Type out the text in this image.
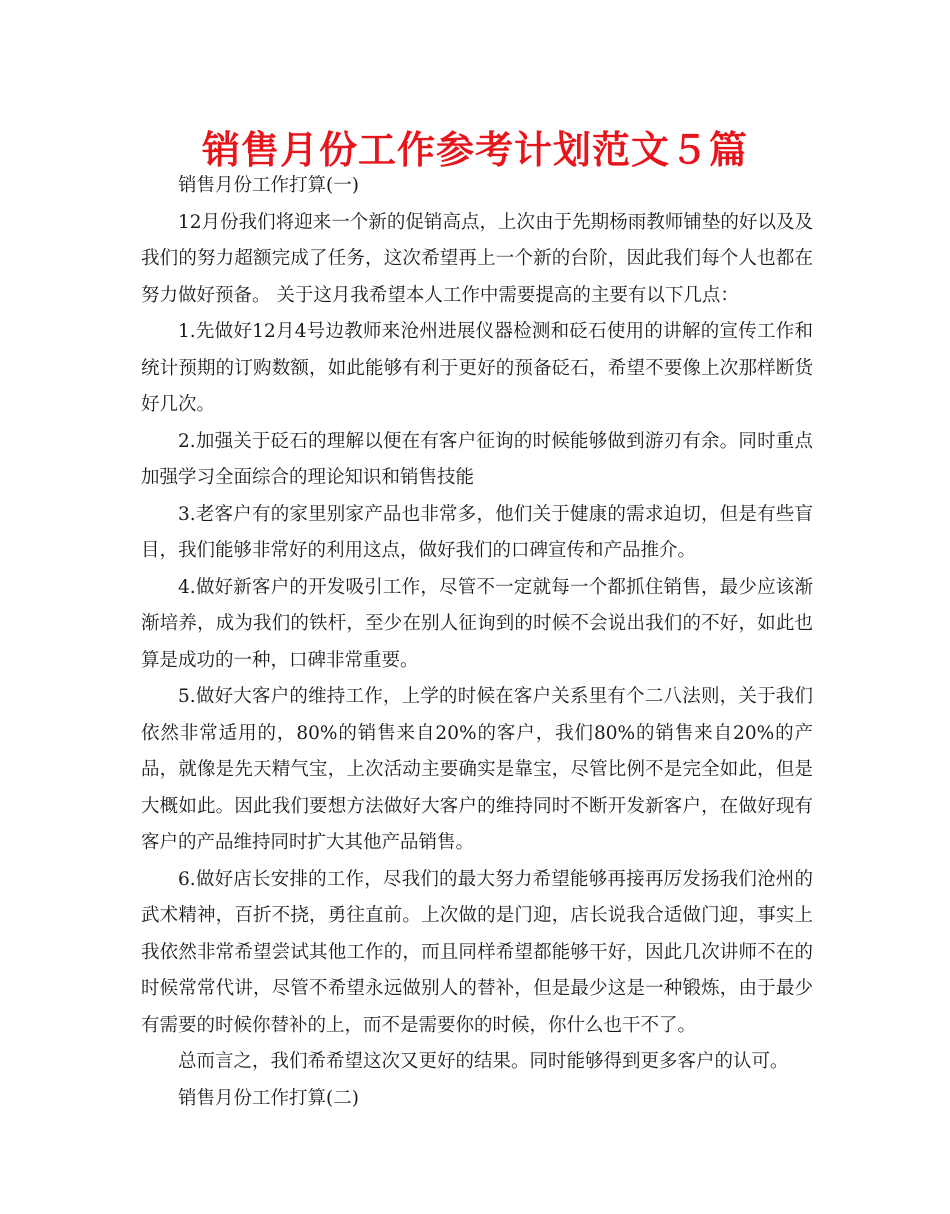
销售月份工作参考计划范文５篇

销售月份工作打算(一)

12月份我们将迎来一个新的促销高点，上次由于先期杨雨教师铺垫的好以及及我们的努力超额完成了任务，这次希望再上一个新的台阶，因此我们每个人也都在努力做好预备。 关于这月我希望本人工作中需要提高的主要有以下几点：

1.先做好12月4号边教师来沧州进展仪器检测和砭石使用的讲解的宣传工作和统计预期的订购数额，如此能够有利于更好的预备砭石，希望不要像上次那样断货好几次。

2.加强关于砭石的理解以便在有客户征询的时候能够做到游刃有余。同时重点加强学习全面综合的理论知识和销售技能

3.老客户有的家里别家产品也非常多，他们关于健康的需求迫切，但是有些盲目，我们能够非常好的利用这点，做好我们的口碑宣传和产品推介。

4.做好新客户的开发吸引工作，尽管不一定就每一个都抓住销售，最少应该渐渐培养，成为我们的铁杆，至少在别人征询到的时候不会说出我们的不好，如此也算是成功的一种，口碑非常重要。

5.做好大客户的维持工作，上学的时候在客户关系里有个二八法则，关于我们依然非常适用的，80%的销售来自20%的客户，我们80%的销售来自20%的产品，就像是先天精气宝，上次活动主要确实是靠宝，尽管比例不是完全如此，但是大概如此。因此我们要想方法做好大客户的维持同时不断开发新客户，在做好现有客户的产品维持同时扩大其他产品销售。

6.做好店长安排的工作，尽我们的最大努力希望能够再接再厉发扬我们沧州的武术精神，百折不挠，勇往直前。上次做的是门迎，店长说我合适做门迎，事实上我依然非常希望尝试其他工作的，而且同样希望都能够干好，因此几次讲师不在的时候常常代讲，尽管不希望永远做别人的替补，但是最少这是一种锻炼，由于最少有需要的时候你替补的上，而不是需要你的时候，你什么也干不了。

总而言之，我们希希望这次又更好的结果。同时能够得到更多客户的认可。

销售月份工作打算(二)
